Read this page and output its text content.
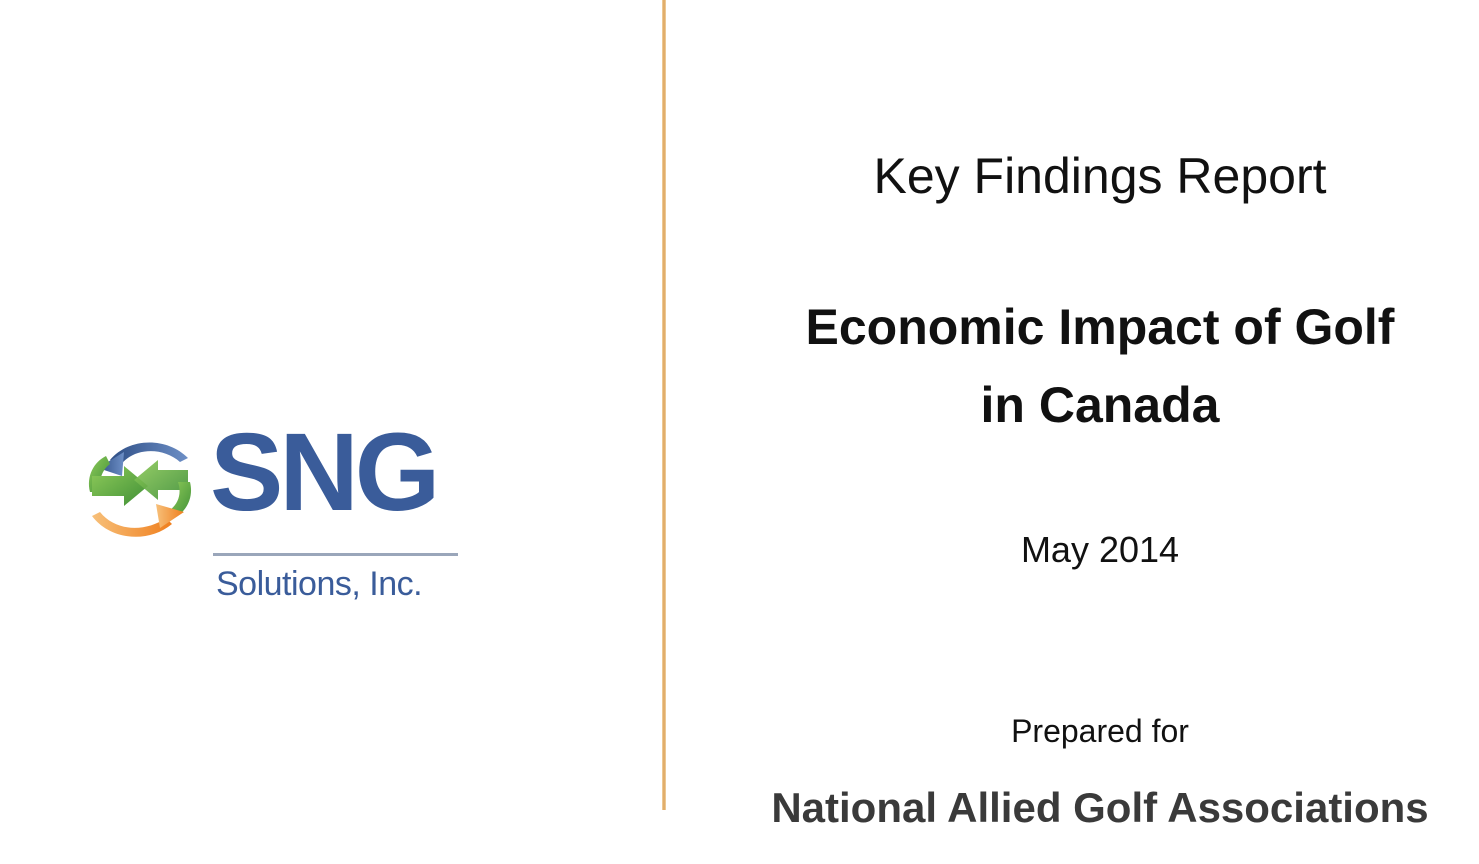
SNG
Solutions, Inc.
Key Findings Report
Economic Impact of Golf
in Canada
May 2014
Prepared for
National Allied Golf Associations
